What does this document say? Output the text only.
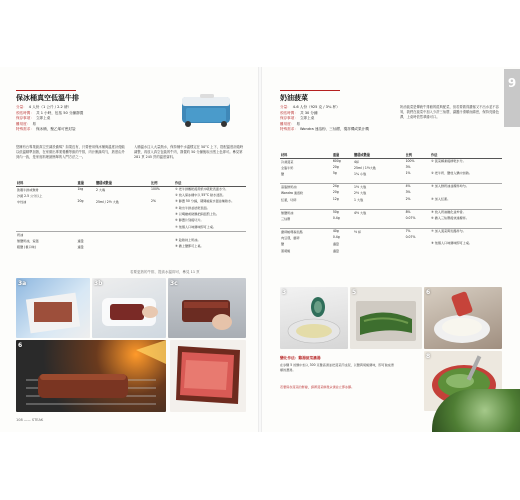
保冰桶真空低溫牛排
分量： 4 人份（1 公斤 / 2.2 磅）
預估時間： 共 1 小時，包括 50 分鐘靜置
保存事項： 立即上桌
難易度： 易
特殊需求： 保冰桶，聚乙烯可密封袋
您擁有台專業級真空烹調設備嗎？如果沒有，只要使用保冰桶與溫度計便能以低溫精準加熱，在家做出專業餐廳等級的牛排，肉汁飽滿均勻，熟度由外到內一致，是家庭料理最簡單的入門方法之一。
入桶溫水注入大量熱水，保持桶中水溫穩定在 50°C 上下，搭配溫度計隨時調整，再放入真空包裝的牛肉，靜置約 50 分鐘後取出煎上色即可。參見第 281 頁 245 頁的溫度資料。
材料	重量	體積或數量	比例	作法
肋眼牛排或無骨	1kg	2 大塊	100%	① 把牛排擦乾後用紙巾吸乾表面水分。
沙朗 2.5 公分以上				② 放入保冰桶中以 55°C 熱水浸泡。
中性油	20g	25ml / 2½ 大匙	2%	③ 靜置 50 分鐘，期間檢查水溫並補熱水。
				④ 取出牛排並拭乾表面。
				⑤ 以噴槍或熱鍋把兩面煎上色。
				⑥ 靜置片刻後切片。
				⑦ 依個人口味調味即可上桌。
奶油				
無鹽奶油，室溫	適量			⑧ 趁熱抹上奶油。
粗鹽 (視口味)	適量			⑨ 撒上鹽即可上桌。
若要更熟的牛排，提高水溫即可，參見 11 頁
3a	3b	3c
6
108 —— STEAK
9
奶油菠菜
分量： 4-6 人份（925 克 / 3¾ 杯）
預估時間： 共 30 分鐘
保存事項： 立即上桌
難易度： 易
特殊需求： Wondra 速溶粉、三仙膠，攪拌機或果汁機
奶油菠菜是傳統牛排館的經典配菜，但若要做得濃郁又不出水並不容易，我們在菠菜中加入少許三仙膠，讓醬汁滑順而綿密，保持亮綠色澤，上桌時依然翠綠可口。
材料	重量	體積或數量	比例	作法
冷凍菠菜	600g	4杯	100%	① 菠菜解凍後擠乾水分。
全脂牛奶	20g	25ml / 1½大匙	3%	
鹽	5g	1¼ 小匙	1%	② 把牛奶、鹽放入鍋中加熱。

高脂鮮奶油	24g	1½ 大匙	4%	③ 加入鮮奶油並攪拌均勻。
Wondra 速溶粉	20g	2½ 大匙	3%	
紅蔥，切碎	12g	1 大匙	2%	④ 加入紅蔥。

無鹽奶油	50g	4½ 大匙	8%	⑤ 放入奶油融化並炒香。
三仙膠	0.4g		0.07%	⑥ 撒入三仙膠後快速攪拌。

磨碎帕瑪森乳酪	40g	½ 杯	7%	⑦ 加入菠菜與乳酪拌勻。
肉豆蔻，磨碎	0.4g		0.07%	
鹽	適量			⑧ 依個人口味調味即可上桌。
黑胡椒	適量			
3	5	6
變化作法：雞湯菠菜濃湯
在步驟 5 的鍋中加入 300 克雞高湯並把菠菜打成泥，以鹽與胡椒調味，即可做成滑順的濃湯。
若要保存菠菜的鮮綠，請將菠菜稍微汆燙並立即冰鎮。
8
